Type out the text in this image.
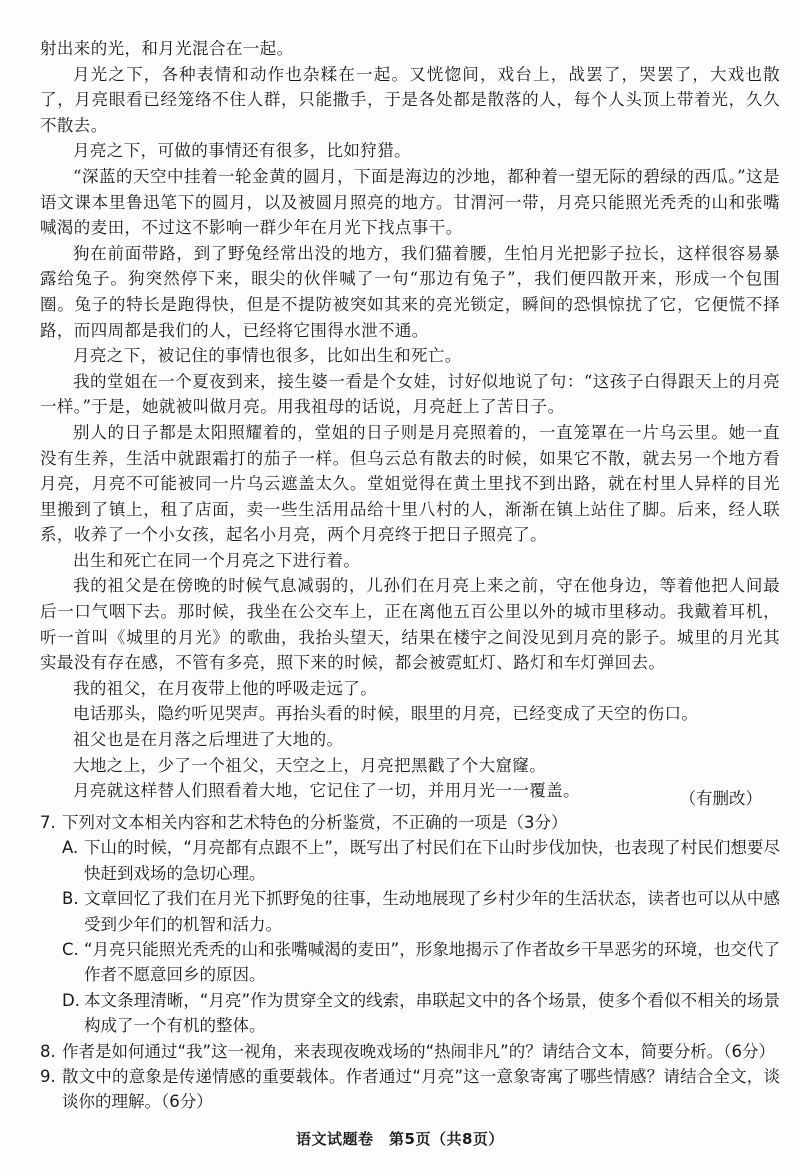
射出来的光，和月光混合在一起。

月光之下，各种表情和动作也杂糅在一起。又恍惚间，戏台上，战罢了，哭罢了，大戏也散了，月亮眼看已经笼络不住人群，只能撒手，于是各处都是散落的人，每个人头顶上带着光，久久不散去。

月亮之下，可做的事情还有很多，比如狩猎。

“深蓝的天空中挂着一轮金黄的圆月，下面是海边的沙地，都种着一望无际的碧绿的西瓜。”这是语文课本里鲁迅笔下的圆月，以及被圆月照亮的地方。甘渭河一带，月亮只能照光秃秃的山和张嘴喊渴的麦田，不过这不影响一群少年在月光下找点事干。

狗在前面带路，到了野兔经常出没的地方，我们猫着腰，生怕月光把影子拉长，这样很容易暴露给兔子。狗突然停下来，眼尖的伙伴喊了一句“那边有兔子”，我们便四散开来，形成一个包围圈。兔子的特长是跑得快，但是不提防被突如其来的亮光锁定，瞬间的恐惧惊扰了它，它便慌不择路，而四周都是我们的人，已经将它围得水泄不通。

月亮之下，被记住的事情也很多，比如出生和死亡。

我的堂姐在一个夏夜到来，接生婆一看是个女娃，讨好似地说了句：“这孩子白得跟天上的月亮一样。”于是，她就被叫做月亮。用我祖母的话说，月亮赶上了苦日子。

别人的日子都是太阳照耀着的，堂姐的日子则是月亮照着的，一直笼罩在一片乌云里。她一直没有生养，生活中就跟霜打的茄子一样。但乌云总有散去的时候，如果它不散，就去另一个地方看月亮，月亮不可能被同一片乌云遮盖太久。堂姐觉得在黄土里找不到出路，就在村里人异样的目光里搬到了镇上，租了店面，卖一些生活用品给十里八村的人，渐渐在镇上站住了脚。后来，经人联系，收养了一个小女孩，起名小月亮，两个月亮终于把日子照亮了。

出生和死亡在同一个月亮之下进行着。

我的祖父是在傍晚的时候气息减弱的，儿孙们在月亮上来之前，守在他身边，等着他把人间最后一口气咽下去。那时候，我坐在公交车上，正在离他五百公里以外的城市里移动。我戴着耳机，听一首叫《城里的月光》的歌曲，我抬头望天，结果在楼宇之间没见到月亮的影子。城里的月光其实最没有存在感，不管有多亮，照下来的时候，都会被霓虹灯、路灯和车灯弹回去。

我的祖父，在月夜带上他的呼吸走远了。

电话那头，隐约听见哭声。再抬头看的时候，眼里的月亮，已经变成了天空的伤口。

祖父也是在月落之后埋进了大地的。

大地之上，少了一个祖父，天空之上，月亮把黑戳了个大窟窿。

月亮就这样替人们照看着大地，它记住了一切，并用月光一一覆盖。	（有删改）
7. 下列对文本相关内容和艺术特色的分析鉴赏，不正确的一项是（3分）
A. 下山的时候，“月亮都有点跟不上”，既写出了村民们在下山时步伐加快，也表现了村民们想要尽快赶到戏场的急切心理。
B. 文章回忆了我们在月光下抓野兔的往事，生动地展现了乡村少年的生活状态，读者也可以从中感受到少年们的机智和活力。
C. “月亮只能照光秃秃的山和张嘴喊渴的麦田”，形象地揭示了作者故乡干旱恶劣的环境，也交代了作者不愿意回乡的原因。
D. 本文条理清晰，“月亮”作为贯穿全文的线索，串联起文中的各个场景，使多个看似不相关的场景构成了一个有机的整体。
8. 作者是如何通过“我”这一视角，来表现夜晚戏场的“热闹非凡”的？请结合文本，简要分析。（6分）
9. 散文中的意象是传递情感的重要载体。作者通过“月亮”这一意象寄寓了哪些情感？请结合全文，谈谈你的理解。（6分）
语文试题卷　第5页（共8页）
